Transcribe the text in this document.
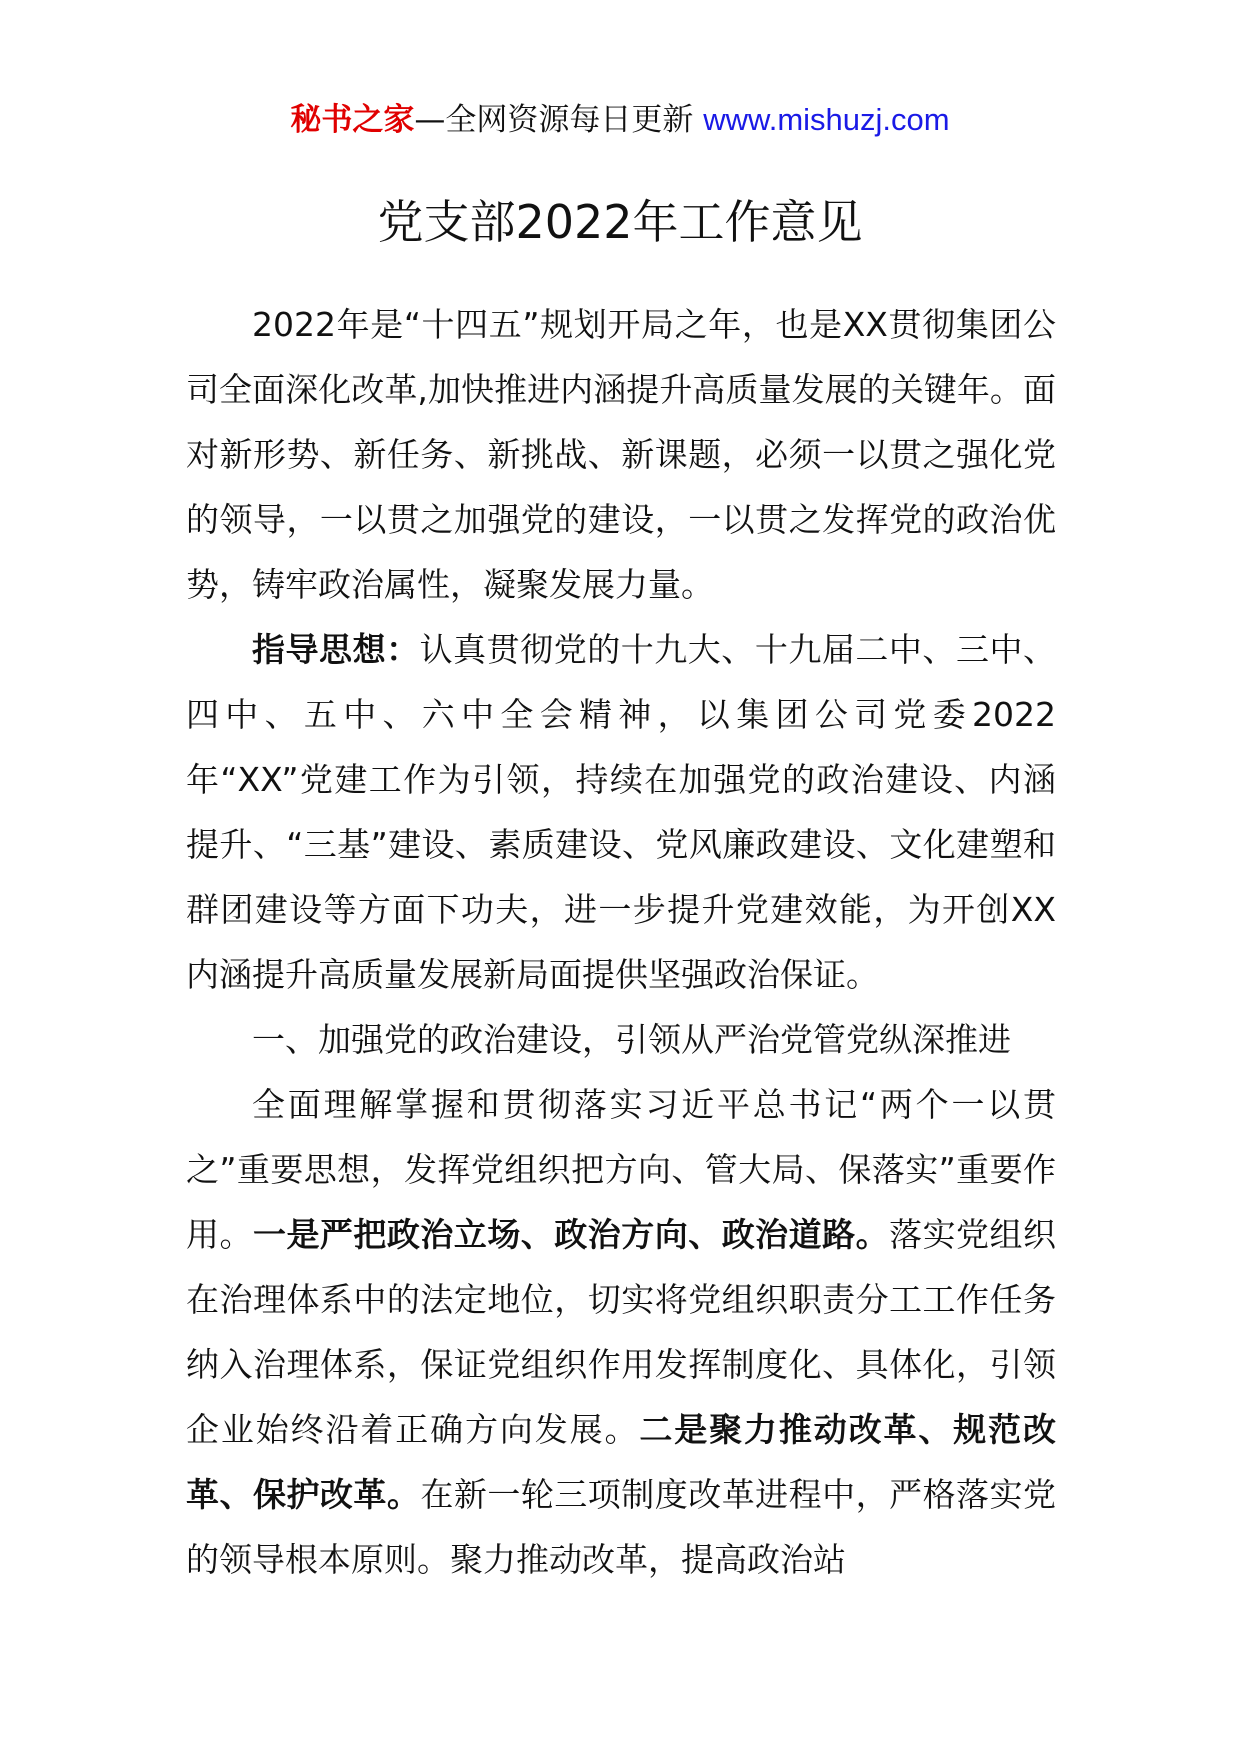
秘书之家—全网资源每日更新 www.mishuzj.com
党支部2022年工作意见

2022年是“十四五”规划开局之年，也是XX贯彻集团公司全面深化改革,加快推进内涵提升高质量发展的关键年。面对新形势、新任务、新挑战、新课题，必须一以贯之强化党的领导，一以贯之加强党的建设，一以贯之发挥党的政治优势，铸牢政治属性，凝聚发展力量。

指导思想：认真贯彻党的十九大、十九届二中、三中、四中、五中、六中全会精神，以集团公司党委2022年“XX”党建工作为引领，持续在加强党的政治建设、内涵提升、“三基”建设、素质建设、党风廉政建设、文化建塑和群团建设等方面下功夫，进一步提升党建效能，为开创XX内涵提升高质量发展新局面提供坚强政治保证。

一、加强党的政治建设，引领从严治党管党纵深推进

全面理解掌握和贯彻落实习近平总书记“两个一以贯之”重要思想，发挥党组织把方向、管大局、保落实”重要作用。一是严把政治立场、政治方向、政治道路。落实党组织在治理体系中的法定地位，切实将党组织职责分工工作任务纳入治理体系，保证党组织作用发挥制度化、具体化，引领企业始终沿着正确方向发展。二是聚力推动改革、规范改革、保护改革。在新一轮三项制度改革进程中，严格落实党的领导根本原则。聚力推动改革，提高政治站
